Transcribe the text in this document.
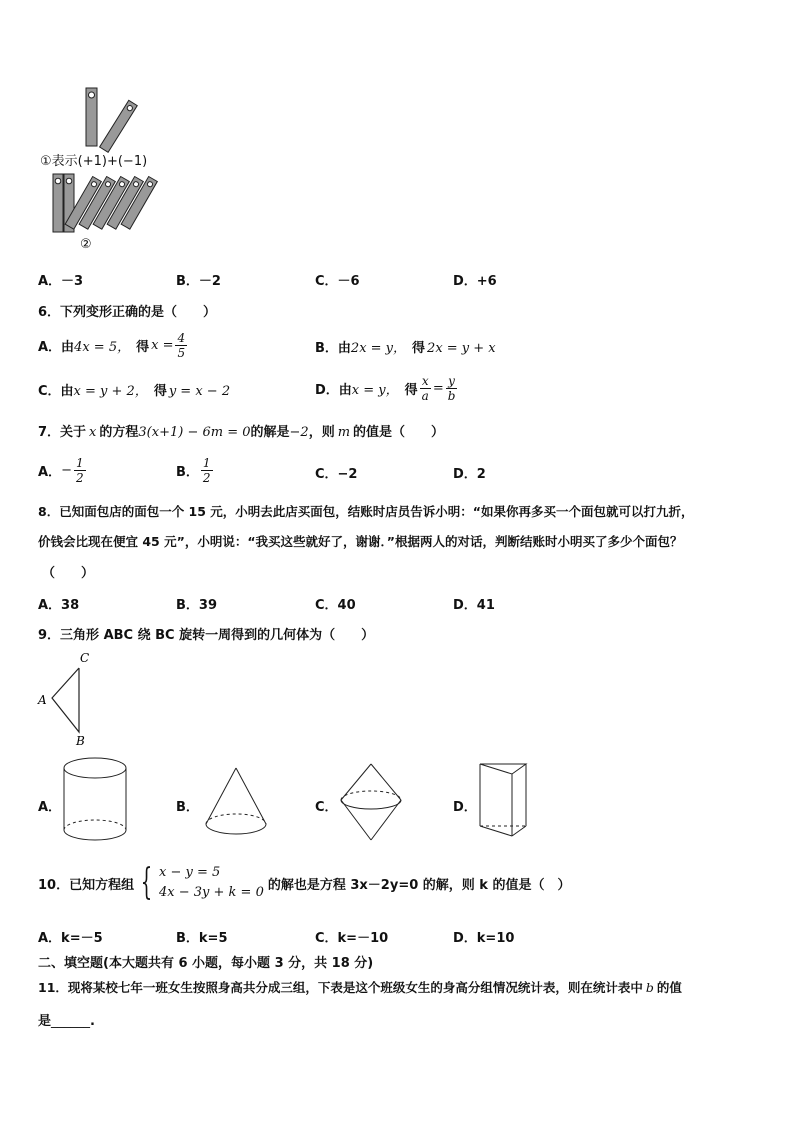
①表示(+1)+(−1)
②
A．－3	B．－2	C．－6	D．+6
6．下列变形正确的是（　　）
A．由 4x = 5， 得 $x = \frac{4}{5}$	B．由2x = y， 得 2x = y + x
C．由x = y + 2， 得 y = x − 2	D．由 x = y， 得 $\frac{x}{a} = \frac{y}{b}$
7．关于 x 的方程3(x+1) − 6m = 0的解是−2，则 m 的值是（　　）
A． − $\frac{1}{2}$	B． $\frac{1}{2}$	C．−2	D．2
8．已知面包店的面包一个 15 元，小明去此店买面包，结账时店员告诉小明：“如果你再多买一个面包就可以打九折，
价钱会比现在便宜 45 元”，小明说：“我买这些就好了，谢谢．”根据两人的对话，判断结账时小明买了多少个面包？
（　　）
A．38	B．39	C．40	D．41
9．三角形 ABC 绕 BC 旋转一周得到的几何体为（　　）
C
A
B
A．	B．	C．	D．
10．已知方程组 { x − y = 5
4x − 3y + k = 0 的解也是方程 3x－2y=0 的解，则 k 的值是（　）
A．k=－5	B．k=5	C．k=－10	D．k=10
二、填空题(本大题共有 6 小题，每小题 3 分，共 18 分)
11．现将某校七年一班女生按照身高共分成三组，下表是这个班级女生的身高分组情况统计表，则在统计表中 b 的值
是______.
